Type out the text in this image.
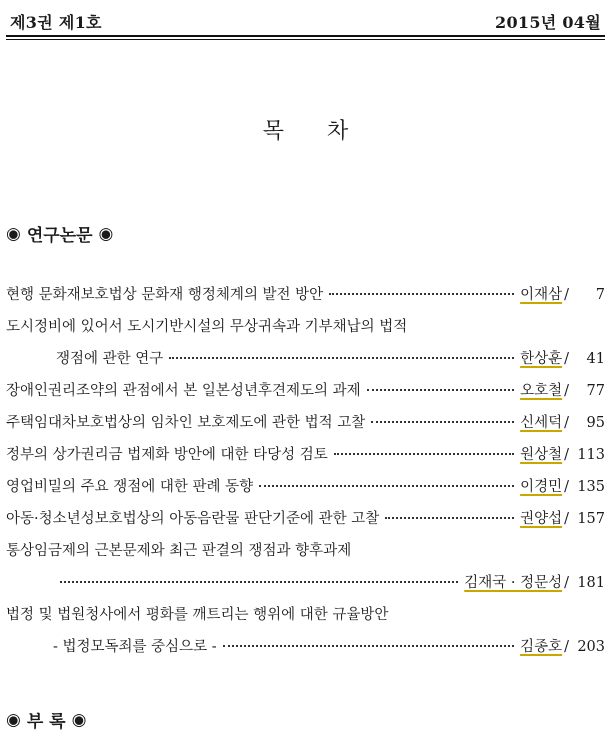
제3권 제1호	2015년 04월
목 차
◉ 연구논문 ◉
현행 문화재보호법상 문화재 행정체계의 발전 방안	이재삼 /	7
도시정비에 있어서 도시기반시설의 무상귀속과 기부채납의 법적
쟁점에 관한 연구	한상훈 /	41
장애인권리조약의 관점에서 본 일본성년후견제도의 과제	오호철 /	77
주택임대차보호법상의 임차인 보호제도에 관한 법적 고찰	신세덕 /	95
정부의 상가권리금 법제화 방안에 대한 타당성 검토	원상철 / 113
영업비밀의 주요 쟁점에 대한 판례 동향	이경민 / 135
아동·청소년성보호법상의 아동음란물 판단기준에 관한 고찰	권양섭 / 157
통상임금제의 근본문제와 최근 판결의 쟁점과 향후과제
김재국 · 정문성 / 181
법정 및 법원청사에서 평화를 깨트리는 행위에 대한 규율방안
- 법정모독죄를 중심으로 -	김종호 / 203
◉ 부 록 ◉
